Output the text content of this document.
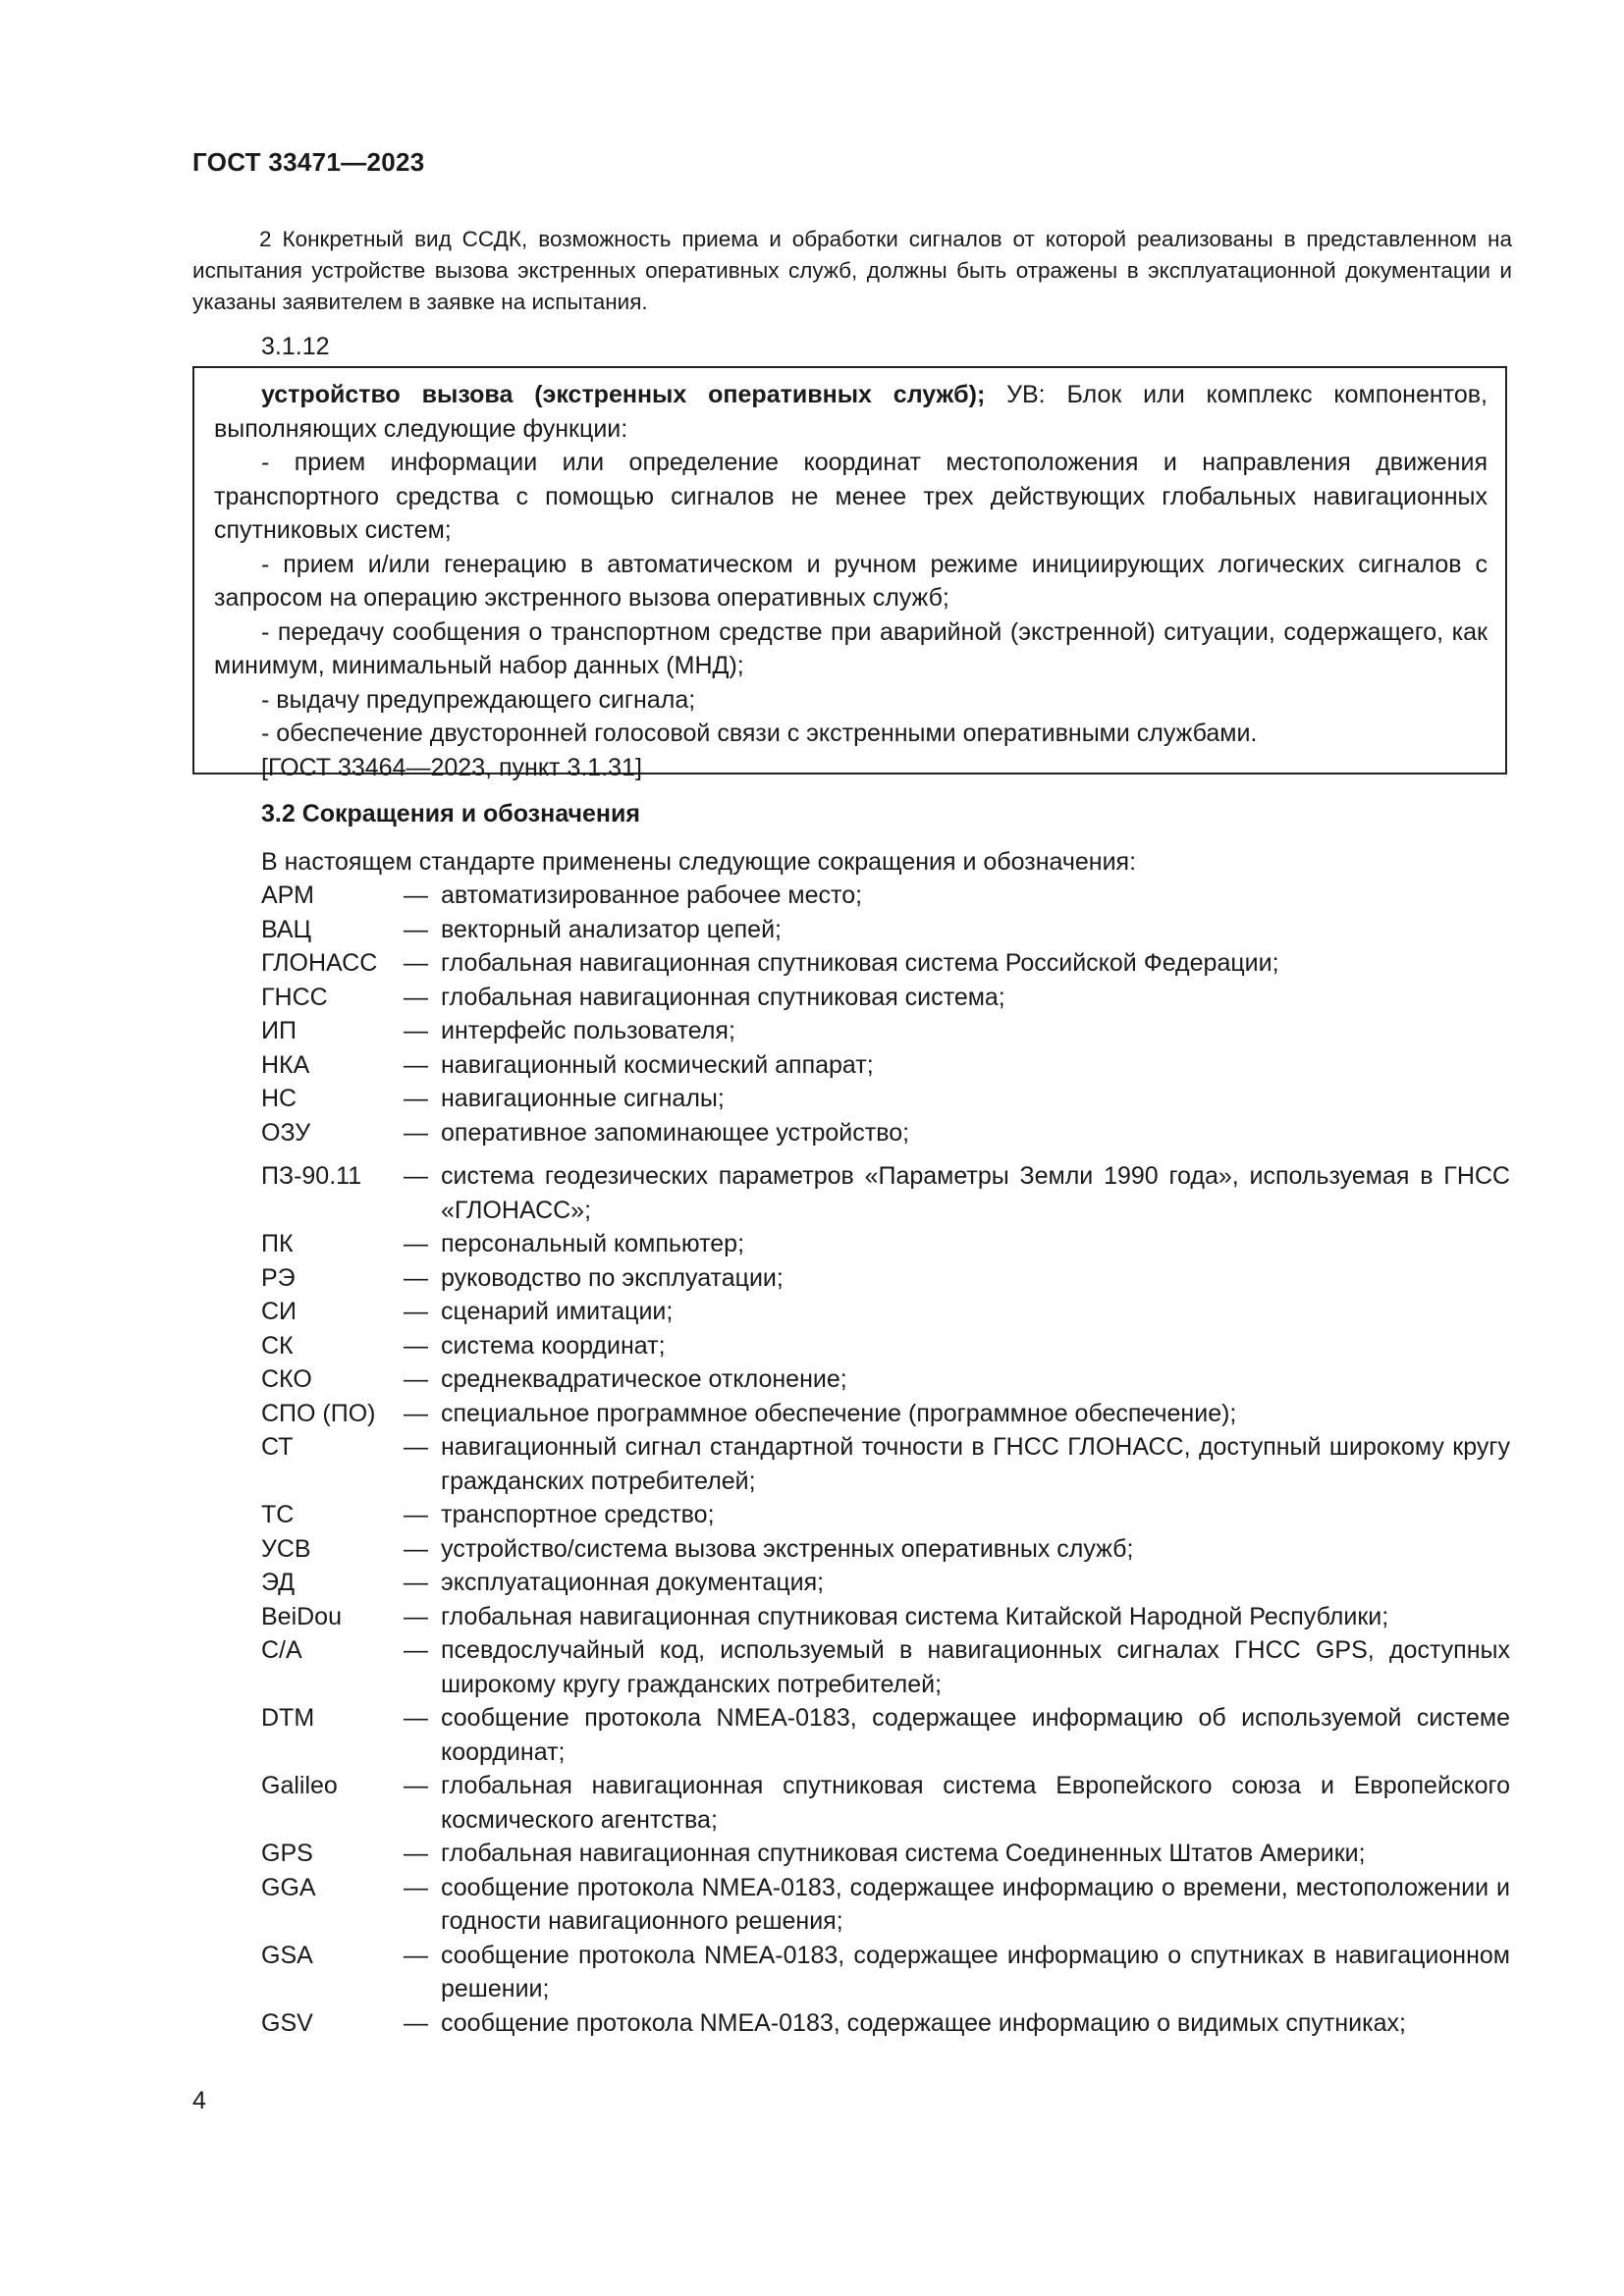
ГОСТ 33471—2023
2 Конкретный вид ССДК, возможность приема и обработки сигналов от которой реализованы в представленном на испытания устройстве вызова экстренных оперативных служб, должны быть отражены в эксплуатационной документации и указаны заявителем в заявке на испытания.
3.1.12

устройство вызова (экстренных оперативных служб); УВ: Блок или комплекс компонентов, выполняющих следующие функции:

- прием информации или определение координат местоположения и направления движения транспортного средства с помощью сигналов не менее трех действующих глобальных навигационных спутниковых систем;

- прием и/или генерацию в автоматическом и ручном режиме инициирующих логических сигналов с запросом на операцию экстренного вызова оперативных служб;

- передачу сообщения о транспортном средстве при аварийной (экстренной) ситуации, содержащего, как минимум, минимальный набор данных (МНД);

- выдачу предупреждающего сигнала;

- обеспечение двусторонней голосовой связи с экстренными оперативными службами.

[ГОСТ 33464—2023, пункт 3.1.31]

3.2 Сокращения и обозначения
В настоящем стандарте применены следующие сокращения и обозначения:
АРМ	— автоматизированное рабочее место;
ВАЦ	— векторный анализатор цепей;
ГЛОНАСС	— глобальная навигационная спутниковая система Российской Федерации;
ГНСС	— глобальная навигационная спутниковая система;
ИП	— интерфейс пользователя;
НКА	— навигационный космический аппарат;
НС	— навигационные сигналы;
ОЗУ	— оперативное запоминающее устройство;
ПЗ-90.11	— система геодезических параметров «Параметры Земли 1990 года», используемая в ГНСС «ГЛОНАСС»;
ПК	— персональный компьютер;
РЭ	— руководство по эксплуатации;
СИ	— сценарий имитации;
СК	— система координат;
СКО	— среднеквадратическое отклонение;
СПО (ПО)	— специальное программное обеспечение (программное обеспечение);
СТ	— навигационный сигнал стандартной точности в ГНСС ГЛОНАСС, доступный широкому кругу гражданских потребителей;
ТС	— транспортное средство;
УСВ	— устройство/система вызова экстренных оперативных служб;
ЭД	— эксплуатационная документация;
BeiDou	— глобальная навигационная спутниковая система Китайской Народной Республики;
C/A	— псевдослучайный код, используемый в навигационных сигналах ГНСС GPS, доступных широкому кругу гражданских потребителей;
DTM	— сообщение протокола NMEA-0183, содержащее информацию об используемой системе координат;
Galileo	— глобальная навигационная спутниковая система Европейского союза и Европейского космического агентства;
GPS	— глобальная навигационная спутниковая система Соединенных Штатов Америки;
GGA	— сообщение протокола NMEA-0183, содержащее информацию о времени, местоположении и годности навигационного решения;
GSA	— сообщение протокола NMEA-0183, содержащее информацию о спутниках в навигационном решении;
GSV	— сообщение протокола NMEA-0183, содержащее информацию о видимых спутниках;
4
